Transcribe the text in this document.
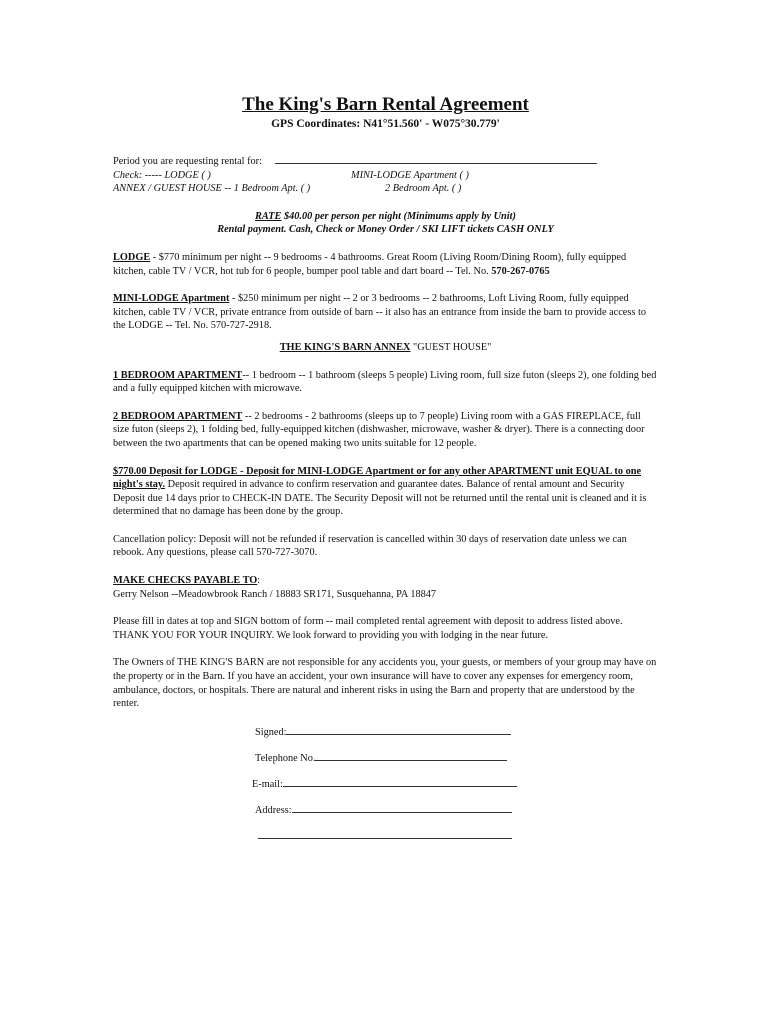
The King's Barn Rental Agreement
GPS Coordinates: N41°51.560' - W075°30.779'
Period you are requesting rental for:
Check: ----- LODGE ( )	MINI-LODGE Apartment ( )
ANNEX / GUEST HOUSE -- 1 Bedroom Apt. ( )	2 Bedroom Apt. ( )
RATE $40.00 per person per night (Minimums apply by Unit)
Rental payment. Cash, Check or Money Order / SKI LIFT tickets CASH ONLY

LODGE - $770 minimum per night -- 9 bedrooms - 4 bathrooms. Great Room (Living Room/Dining Room), fully equipped kitchen, cable TV / VCR, hot tub for 6 people, bumper pool table and dart board -- Tel. No. 570-267-0765

MINI-LODGE Apartment - $250 minimum per night -- 2 or 3 bedrooms -- 2 bathrooms, Loft Living Room, fully equipped kitchen, cable TV / VCR, private entrance from outside of barn -- it also has an entrance from inside the barn to provide access to the LODGE -- Tel. No. 570-727-2918.

THE KING'S BARN ANNEX "GUEST HOUSE"

1 BEDROOM APARTMENT-- 1 bedroom -- 1 bathroom (sleeps 5 people) Living room, full size futon (sleeps 2), one folding bed and a fully equipped kitchen with microwave.

2 BEDROOM APARTMENT -- 2 bedrooms - 2 bathrooms (sleeps up to 7 people) Living room with a GAS FIREPLACE, full size futon (sleeps 2), 1 folding bed, fully-equipped kitchen (dishwasher, microwave, washer & dryer). There is a connecting door between the two apartments that can be opened making two units suitable for 12 people.

$770.00 Deposit for LODGE - Deposit for MINI-LODGE Apartment or for any other APARTMENT unit EQUAL to one night's stay. Deposit required in advance to confirm reservation and guarantee dates. Balance of rental amount and Security Deposit due 14 days prior to CHECK-IN DATE. The Security Deposit will not be returned until the rental unit is cleaned and it is determined that no damage has been done by the group.

Cancellation policy: Deposit will not be refunded if reservation is cancelled within 30 days of reservation date unless we can rebook. Any questions, please call 570-727-3070.

MAKE CHECKS PAYABLE TO:
Gerry Nelson --Meadowbrook Ranch / 18883 SR171, Susquehanna, PA 18847

Please fill in dates at top and SIGN bottom of form -- mail completed rental agreement with deposit to address listed above. THANK YOU FOR YOUR INQUIRY. We look forward to providing you with lodging in the near future.

The Owners of THE KING'S BARN are not responsible for any accidents you, your guests, or members of your group may have on the property or in the Barn. If you have an accident, your own insurance will have to cover any expenses for emergency room, ambulance, doctors, or hospitals. There are natural and inherent risks in using the Barn and property that are understood by the renter.

Signed:
Telephone No.
E-mail:
Address:
